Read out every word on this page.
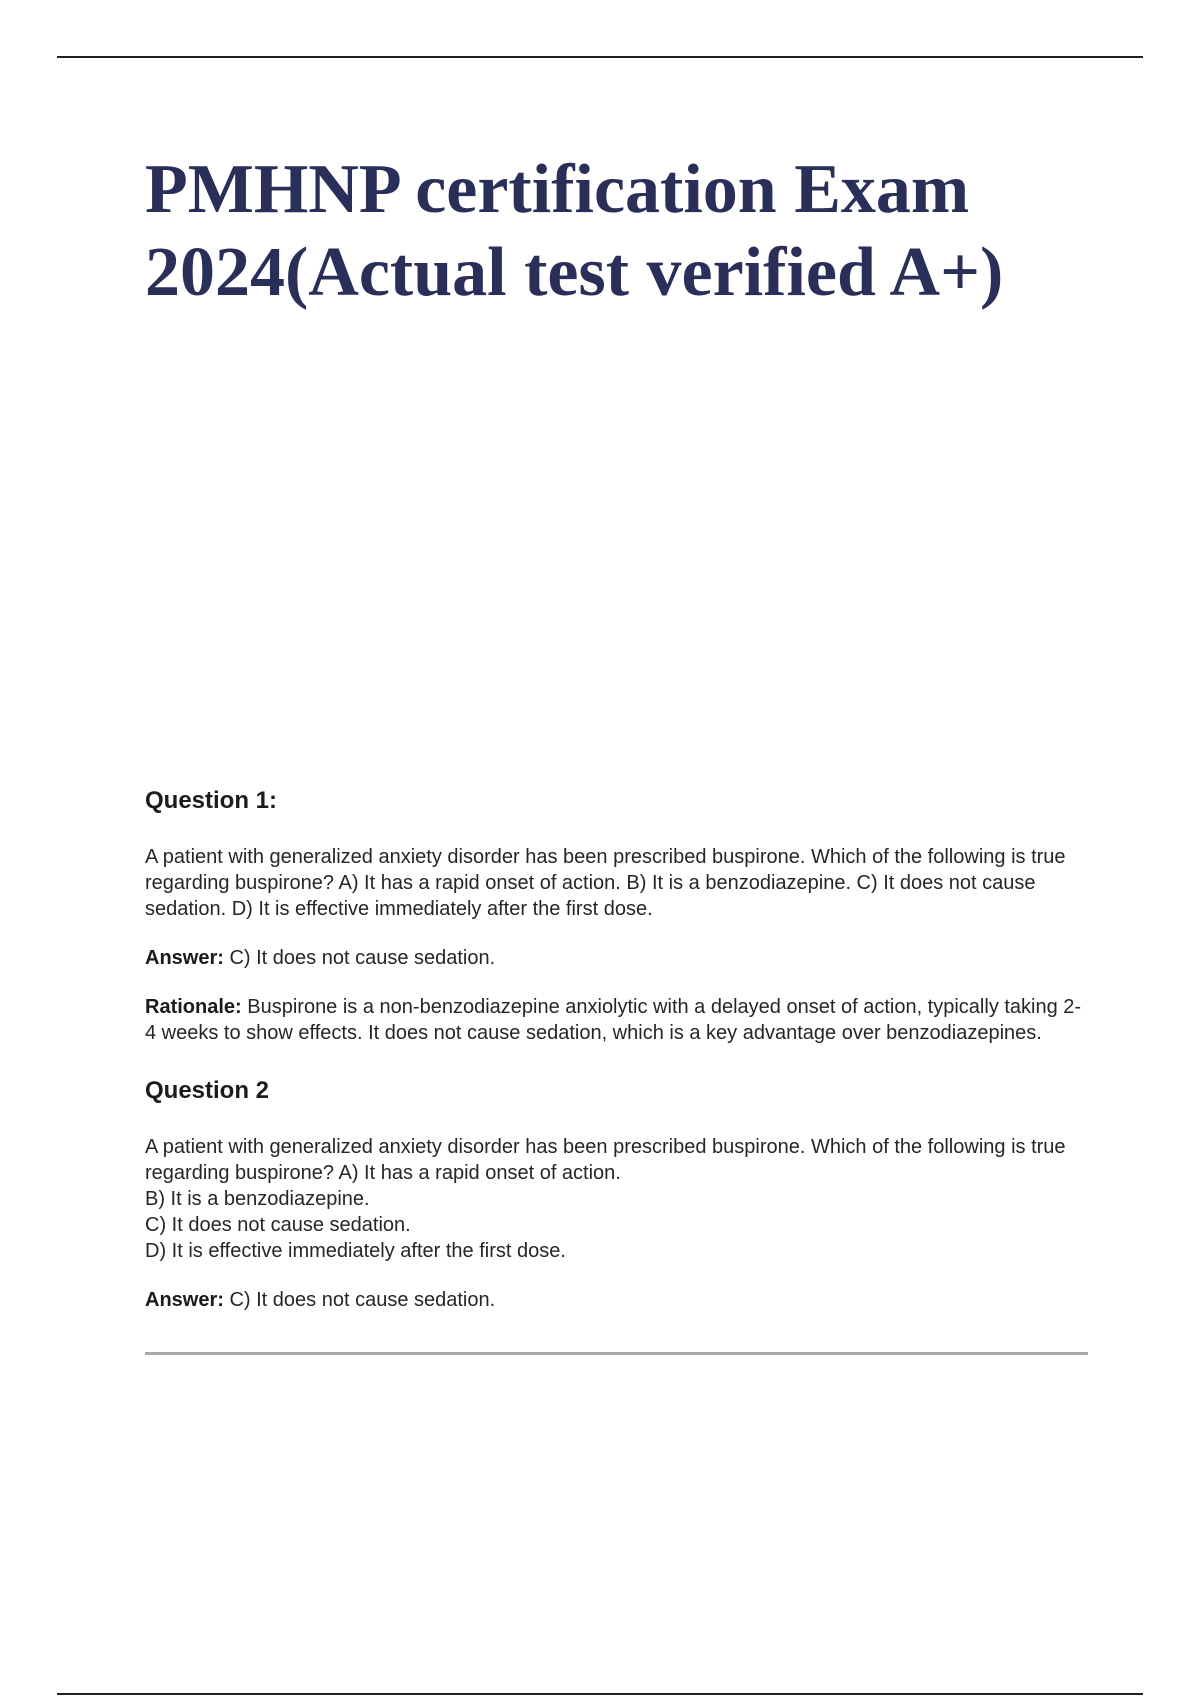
PMHNP certification Exam 2024(Actual test verified A+)
Question 1:

A patient with generalized anxiety disorder has been prescribed buspirone. Which of the following is true regarding buspirone? A) It has a rapid onset of action. B) It is a benzodiazepine. C) It does not cause sedation. D) It is effective immediately after the first dose.

Answer: C) It does not cause sedation.

Rationale: Buspirone is a non-benzodiazepine anxiolytic with a delayed onset of action, typically taking 2-4 weeks to show effects. It does not cause sedation, which is a key advantage over benzodiazepines.

Question 2

A patient with generalized anxiety disorder has been prescribed buspirone. Which of the following is true regarding buspirone? A) It has a rapid onset of action.
B) It is a benzodiazepine.
C) It does not cause sedation.
D) It is effective immediately after the first dose.

Answer: C) It does not cause sedation.
